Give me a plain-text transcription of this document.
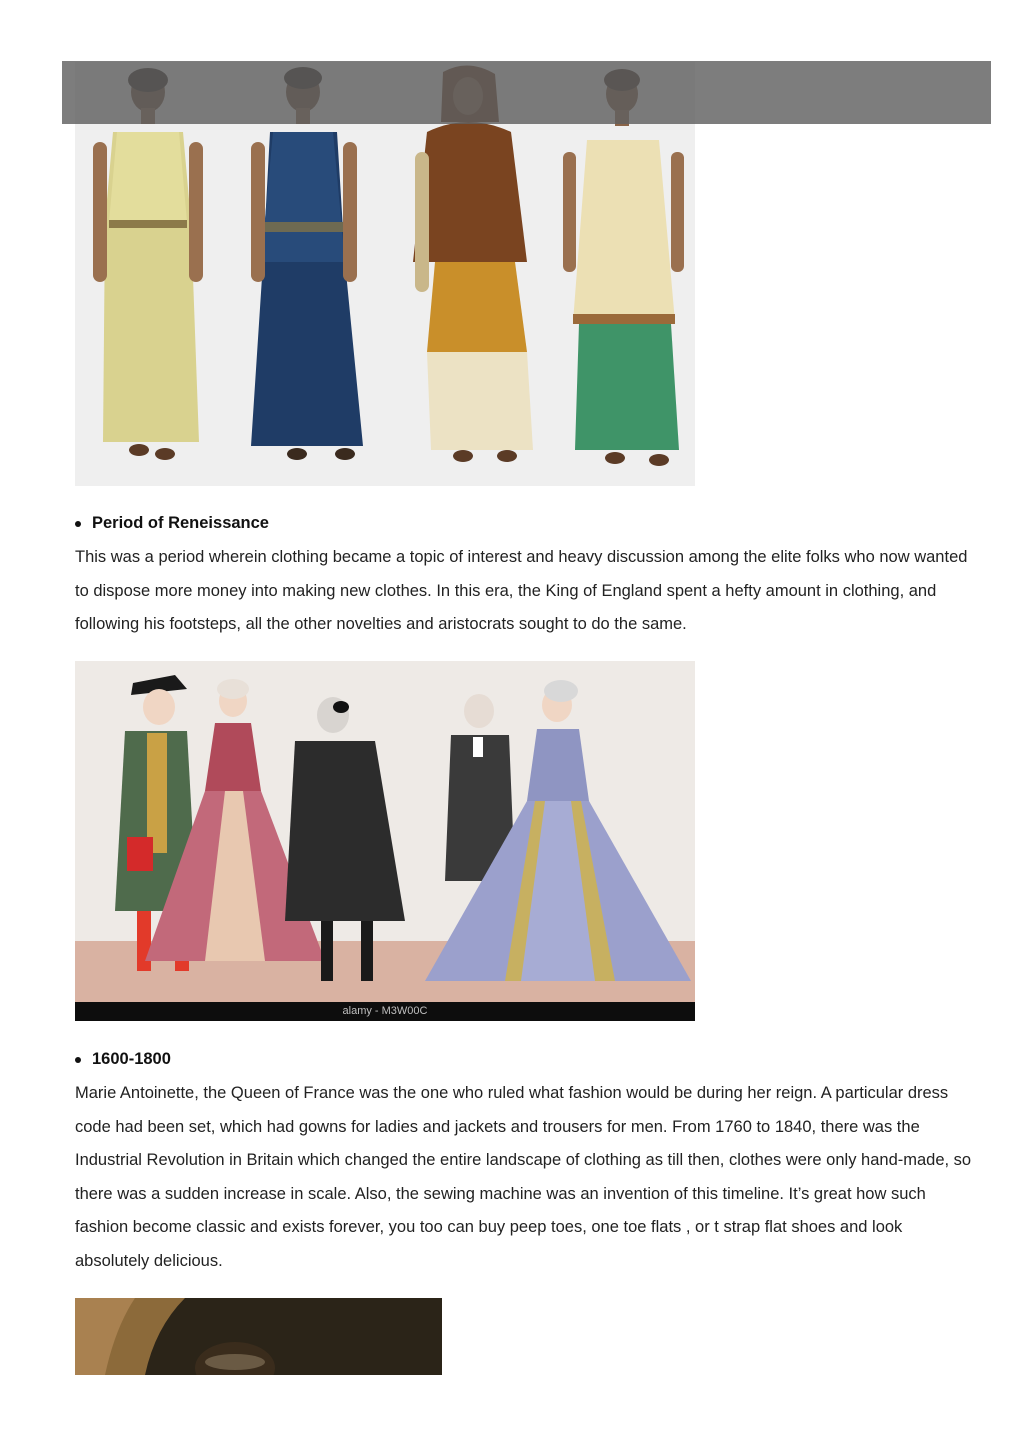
Period of Reneissance

This was a period wherein clothing became a topic of interest and heavy discussion among the elite folks who now wanted to dispose more money into making new clothes. In this era, the King of England spent a hefty amount in clothing, and following his footsteps, all the other novelties and aristocrats sought to do the same.

alamy - M3W00C
1600-1800

Marie Antoinette, the Queen of France was the one who ruled what fashion would be during her reign. A particular dress code had been set, which had gowns for ladies and jackets and trousers for men. From 1760 to 1840, there was the Industrial Revolution in Britain which changed the entire landscape of clothing as till then, clothes were only hand-made, so there was a sudden increase in scale. Also, the sewing machine was an invention of this timeline. It’s great how such fashion become classic and exists forever, you too can buy peep toes, one toe flats , or t strap flat shoes and look absolutely delicious.
